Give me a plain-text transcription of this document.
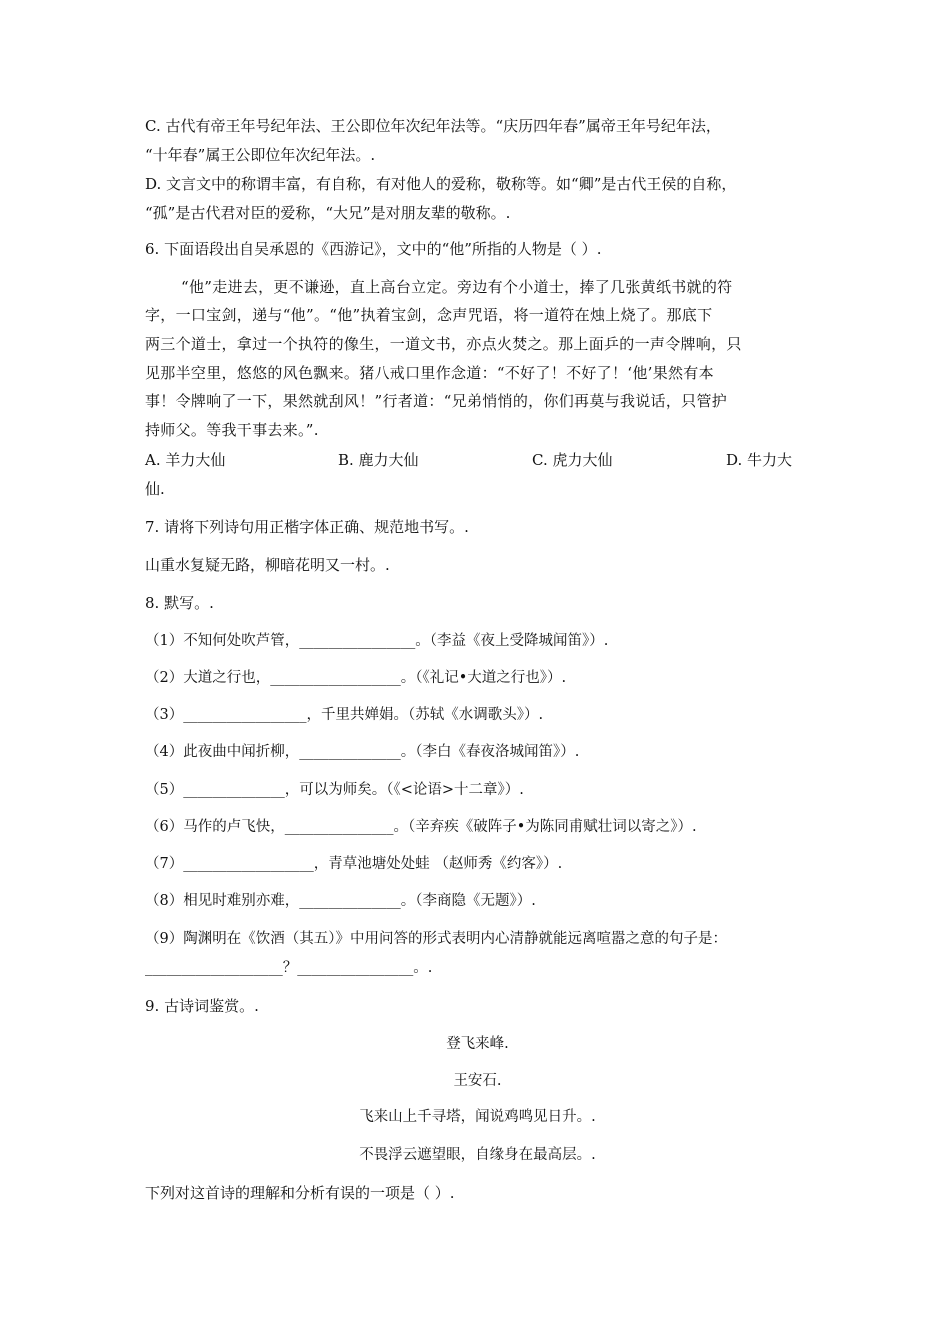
C. 古代有帝王年号纪年法、王公即位年次纪年法等。“庆历四年春”属帝王年号纪年法，
“十年春”属王公即位年次纪年法。.
D. 文言文中的称谓丰富，有自称，有对他人的爱称，敬称等。如“卿”是古代王侯的自称，
“孤”是古代君对臣的爱称，“大兄”是对朋友辈的敬称。.
6. 下面语段出自吴承恩的《西游记》，文中的“他”所指的人物是（ ）.
“他”走进去，更不谦逊，直上高台立定。旁边有个小道士，捧了几张黄纸书就的符
字，一口宝剑，递与“他”。“他”执着宝剑，念声咒语，将一道符在烛上烧了。那底下
两三个道士，拿过一个执符的像生，一道文书，亦点火焚之。那上面乒的一声令牌响，只
见那半空里，悠悠的风色飘来。猪八戒口里作念道：“不好了！不好了！‘他’果然有本
事！令牌响了一下，果然就刮风！”行者道：“兄弟悄悄的，你们再莫与我说话，只管护
持师父。等我干事去来。”.
A. 羊力大仙	B. 鹿力大仙	C. 虎力大仙	D. 牛力大
仙.
7. 请将下列诗句用正楷字体正确、规范地书写。.
山重水复疑无路，柳暗花明又一村。.
8. 默写。.
（1）不知何处吹芦管，________________。（李益《夜上受降城闻笛》）.
（2）大道之行也，__________________。（《礼记•大道之行也》）.
（3）_________________，千里共婵娟。（苏轼《水调歌头》）.
（4）此夜曲中闻折柳，______________。（李白《春夜洛城闻笛》）.
（5）______________，可以为师矣。（《<论语>十二章》）.
（6）马作的卢飞快，_______________。（辛弃疾《破阵子•为陈同甫赋壮词以寄之》）.
（7）__________________，青草池塘处处蛙 （赵师秀《约客》）.
（8）相见时难别亦难，______________。（李商隐《无题》）.
（9）陶渊明在《饮酒（其五）》中用问答的形式表明内心清静就能远离喧嚣之意的句子是：
___________________？________________。.
9. 古诗词鉴赏。.
登飞来峰.
王安石.
飞来山上千寻塔，闻说鸡鸣见日升。.
不畏浮云遮望眼，自缘身在最高层。.
下列对这首诗的理解和分析有误的一项是（ ）.
